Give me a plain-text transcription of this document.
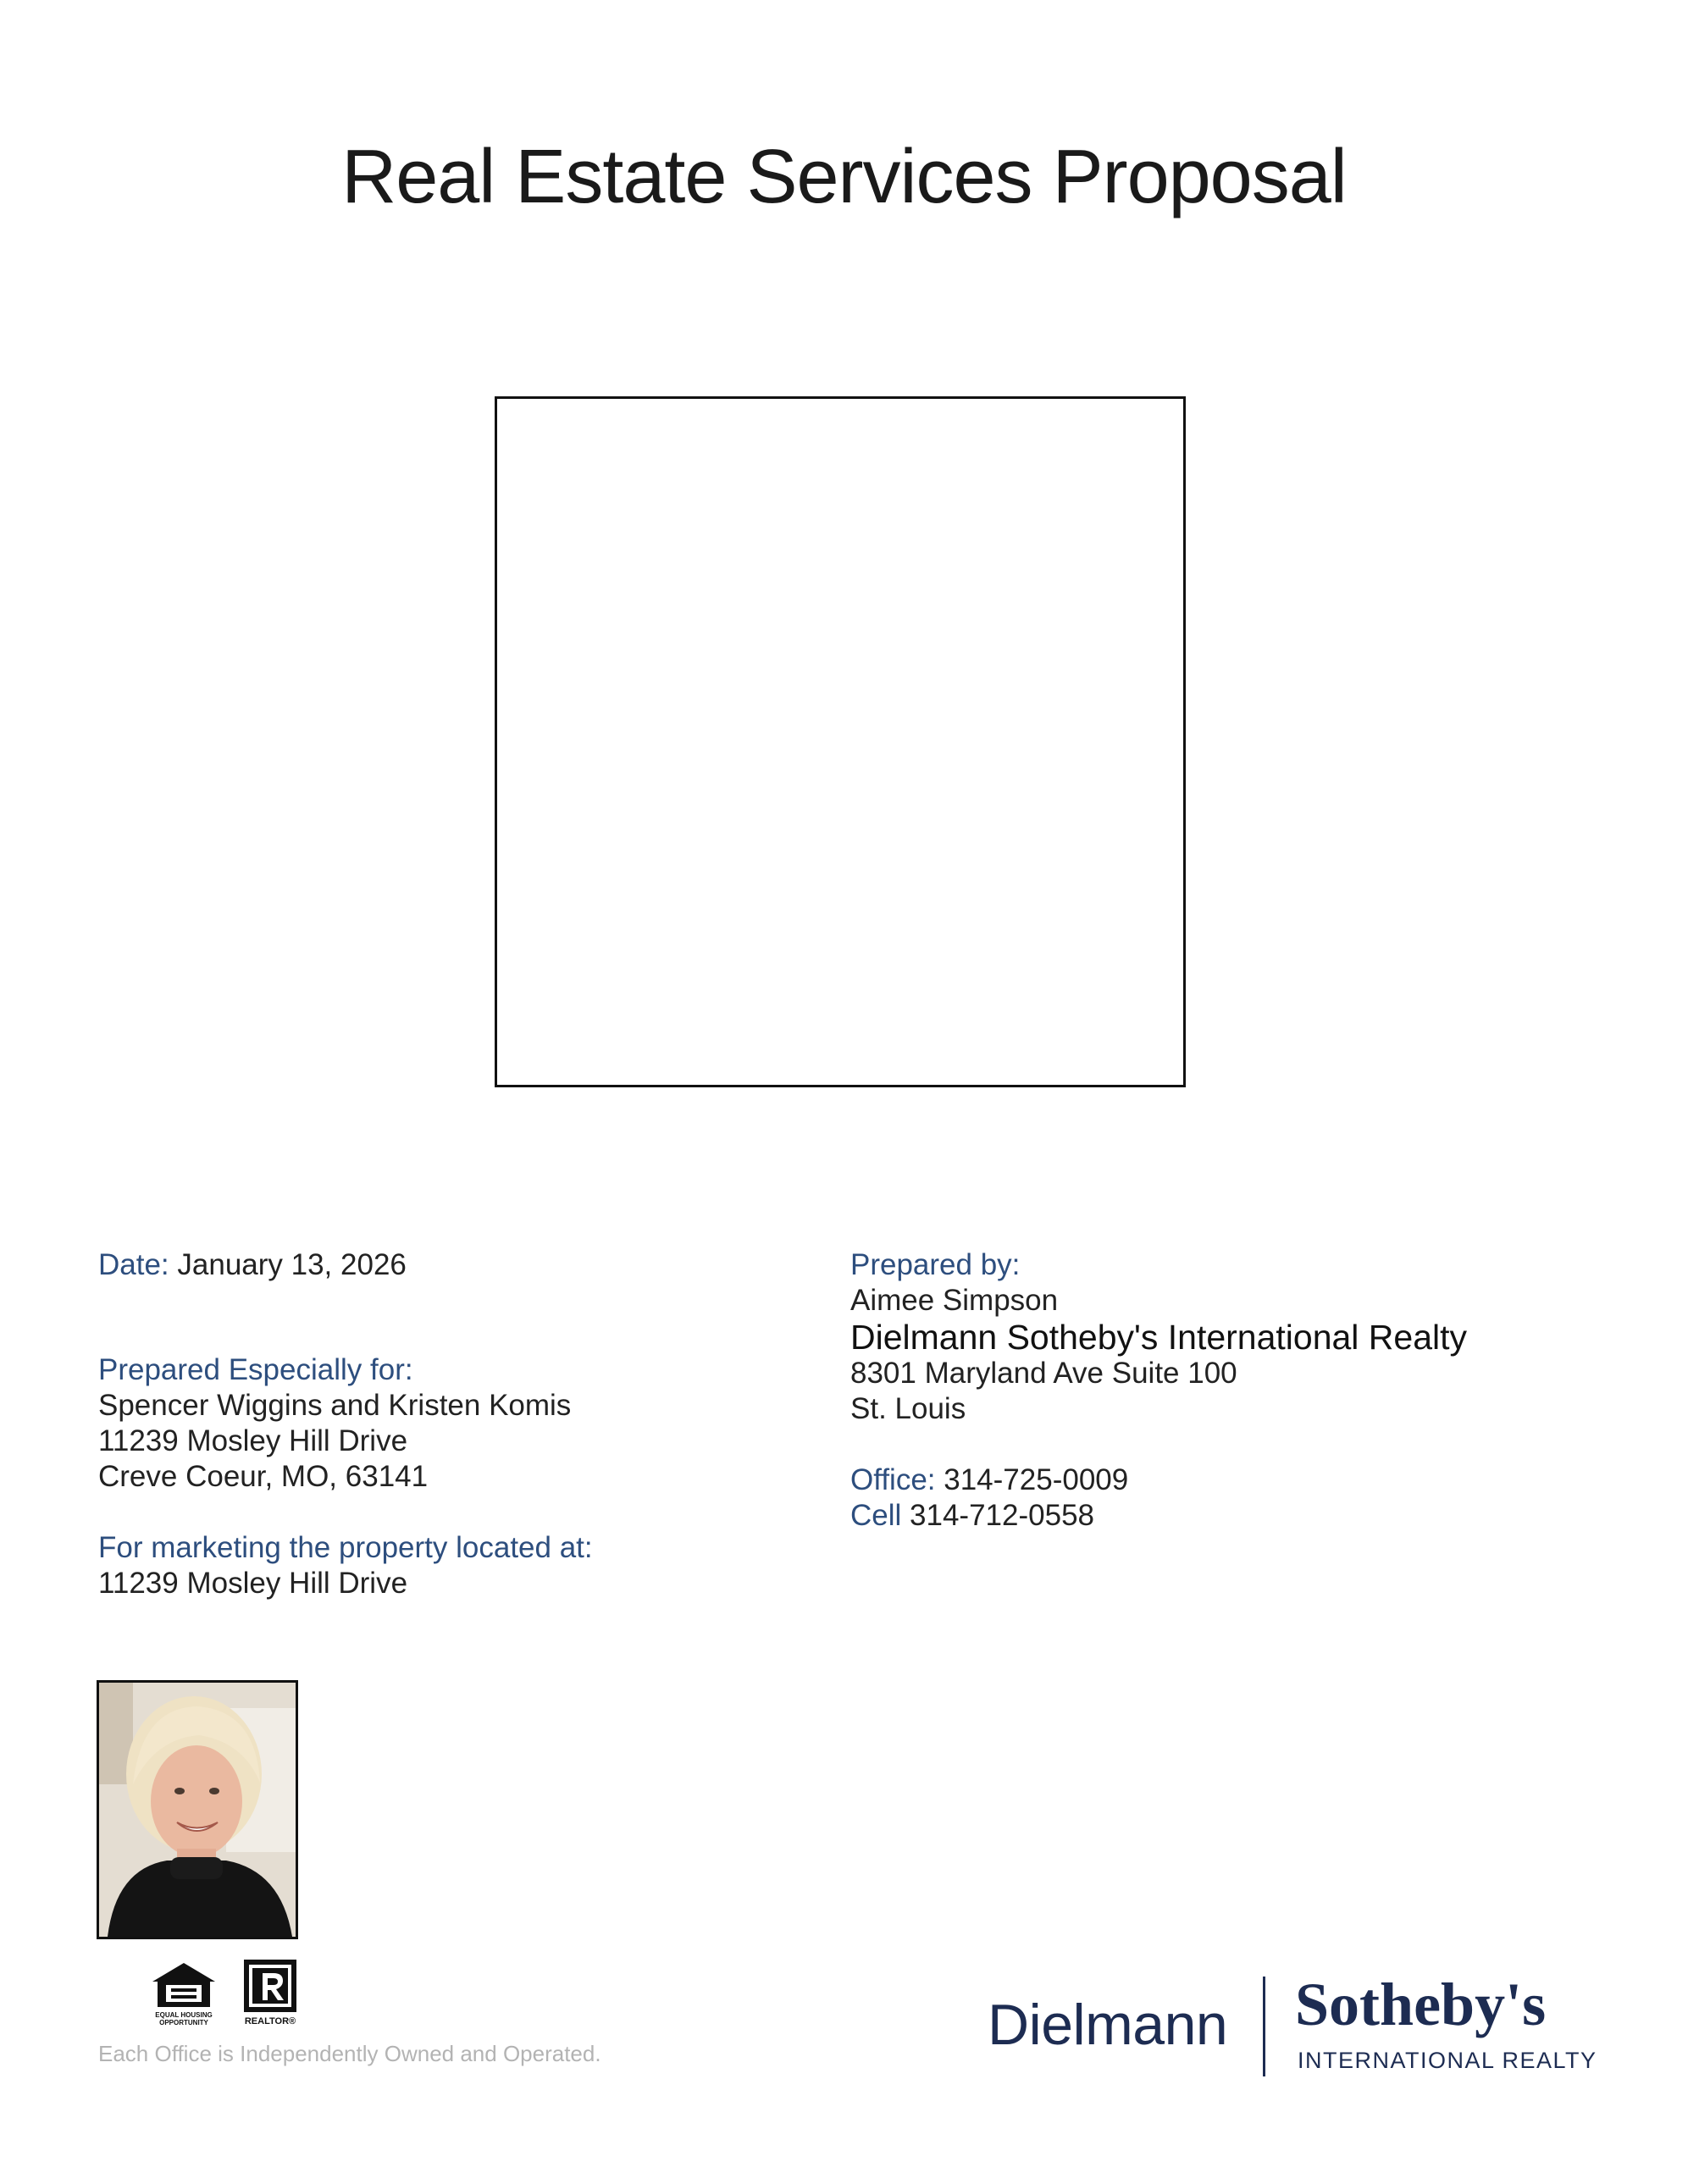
Real Estate Services Proposal
Date: January 13, 2026
Prepared Especially for:
Spencer Wiggins and Kristen Komis
11239 Mosley Hill Drive
Creve Coeur, MO, 63141
For marketing the property located at:
11239 Mosley Hill Drive
Prepared by:
Aimee Simpson
Dielmann Sotheby's International Realty
8301 Maryland Ave Suite 100
St. Louis
Office: 314-725-0009
Cell 314-712-0558
EQUAL HOUSING
OPPORTUNITY	REALTOR®
Each Office is Independently Owned and Operated.	Dielmann Sotheby's
INTERNATIONAL REALTY
